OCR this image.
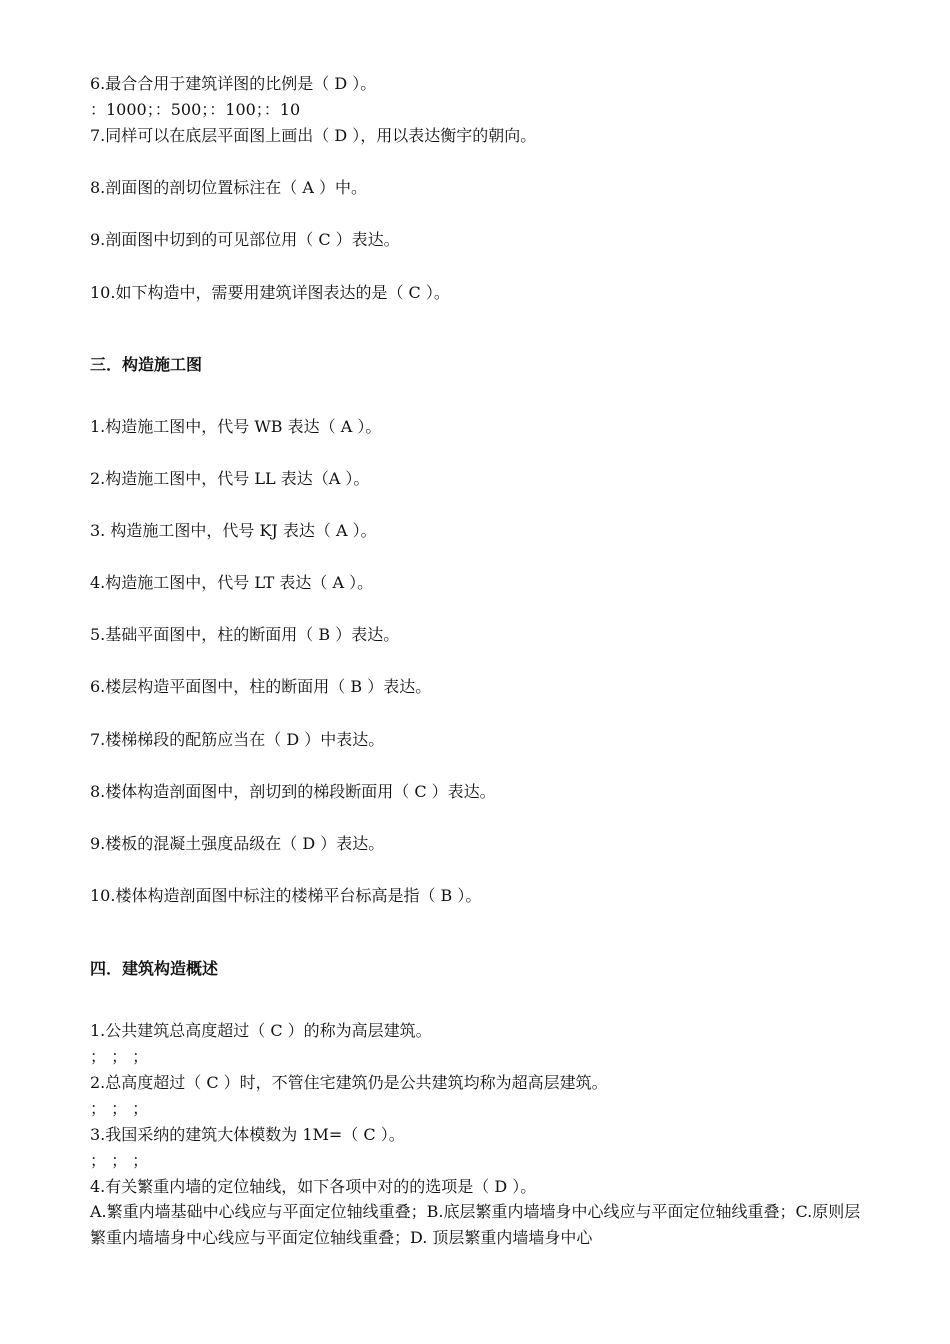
6.最合合用于建筑详图的比例是（ D ）。
：1000；：500；：100；：10
7.同样可以在底层平面图上画出（ D ），用以表达衡宇的朝向。
8.剖面图的剖切位置标注在（ A ）中。
9.剖面图中切到的可见部位用（ C ）表达。
10.如下构造中，需要用建筑详图表达的是（ C ）。
三．构造施工图
1.构造施工图中，代号 WB 表达（ A ）。
2.构造施工图中，代号 LL 表达（A ）。
3. 构造施工图中，代号 KJ 表达（ A ）。
4.构造施工图中，代号 LT 表达（ A ）。
5.基础平面图中，柱的断面用（ B ）表达。
6.楼层构造平面图中，柱的断面用（ B ）表达。
7.楼梯梯段的配筋应当在（ D ）中表达。
8.楼体构造剖面图中，剖切到的梯段断面用（ C ）表达。
9.楼板的混凝土强度品级在（ D ）表达。
10.楼体构造剖面图中标注的楼梯平台标高是指（ B ）。
四．建筑构造概述
1.公共建筑总高度超过（ C ）的称为高层建筑。
； ； ；
2.总高度超过（ C ）时，不管住宅建筑仍是公共建筑均称为超高层建筑。
； ； ；
3.我国采纳的建筑大体模数为 1M=（ C ）。
； ； ；
4.有关繁重内墙的定位轴线，如下各项中对的的选项是（ D ）。
A.繁重内墙基础中心线应与平面定位轴线重叠；B.底层繁重内墙墙身中心线应与平面定位轴线重叠；C.原则层繁重内墙墙身中心线应与平面定位轴线重叠；D. 顶层繁重内墙墙身中心
